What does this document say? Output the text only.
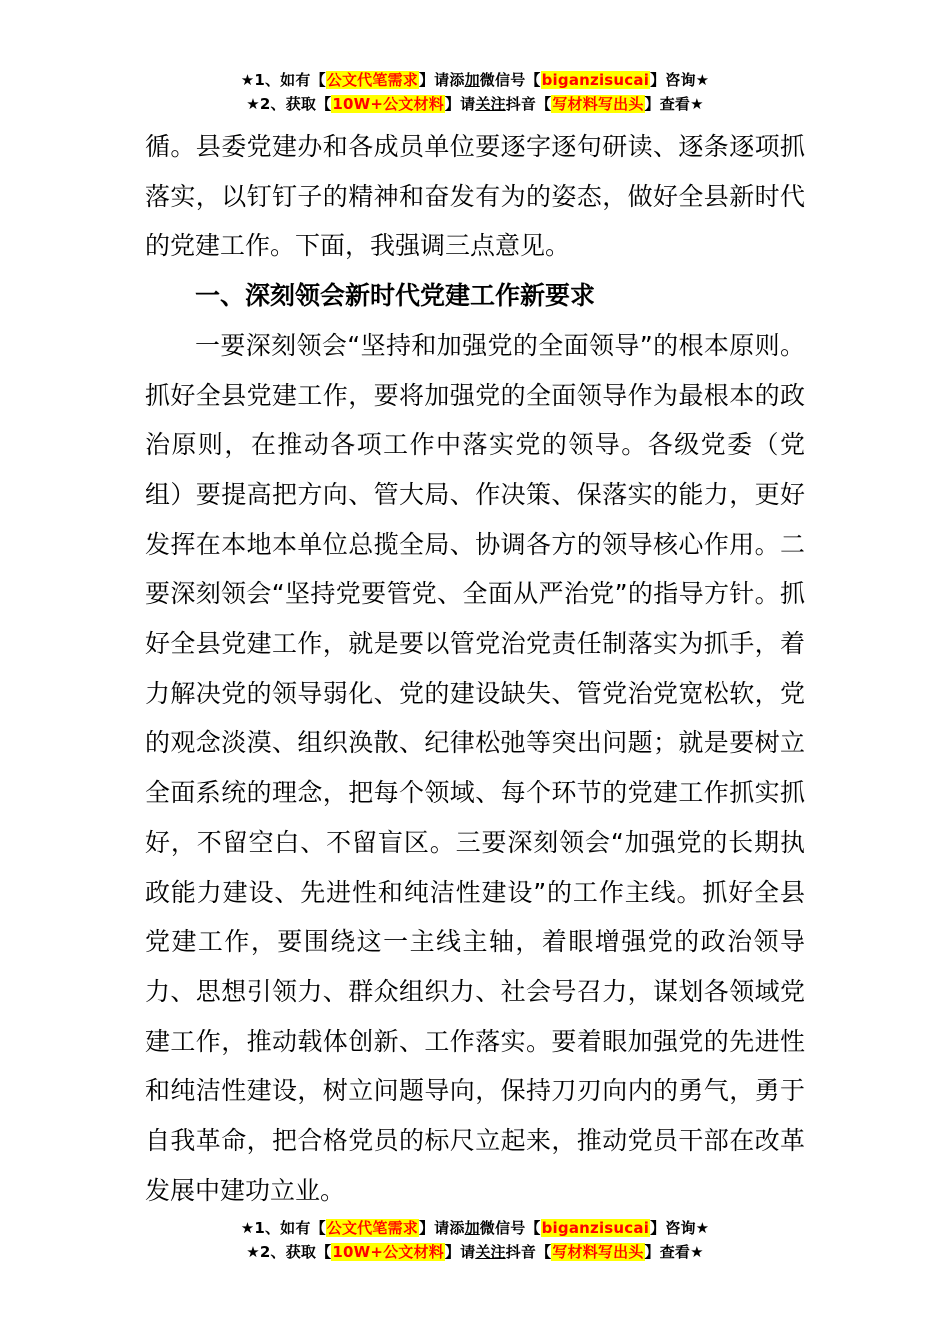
★1、如有【公文代笔需求】请添加微信号【biganzisucai】咨询★
★2、获取【10W+公文材料】请关注抖音【写材料写出头】查看★

循。县委党建办和各成员单位要逐字逐句研读、逐条逐项抓落实，以钉钉子的精神和奋发有为的姿态，做好全县新时代的党建工作。下面，我强调三点意见。

一、深刻领会新时代党建工作新要求

一要深刻领会“坚持和加强党的全面领导”的根本原则。抓好全县党建工作，要将加强党的全面领导作为最根本的政治原则，在推动各项工作中落实党的领导。各级党委（党组）要提高把方向、管大局、作决策、保落实的能力，更好发挥在本地本单位总揽全局、协调各方的领导核心作用。二要深刻领会“坚持党要管党、全面从严治党”的指导方针。抓好全县党建工作，就是要以管党治党责任制落实为抓手，着力解决党的领导弱化、党的建设缺失、管党治党宽松软，党的观念淡漠、组织涣散、纪律松弛等突出问题；就是要树立全面系统的理念，把每个领域、每个环节的党建工作抓实抓好，不留空白、不留盲区。三要深刻领会“加强党的长期执政能力建设、先进性和纯洁性建设”的工作主线。抓好全县党建工作，要围绕这一主线主轴，着眼增强党的政治领导力、思想引领力、群众组织力、社会号召力，谋划各领域党建工作，推动载体创新、工作落实。要着眼加强党的先进性和纯洁性建设，树立问题导向，保持刀刃向内的勇气，勇于自我革命，把合格党员的标尺立起来，推动党员干部在改革发展中建功立业。

★1、如有【公文代笔需求】请添加微信号【biganzisucai】咨询★
★2、获取【10W+公文材料】请关注抖音【写材料写出头】查看★
